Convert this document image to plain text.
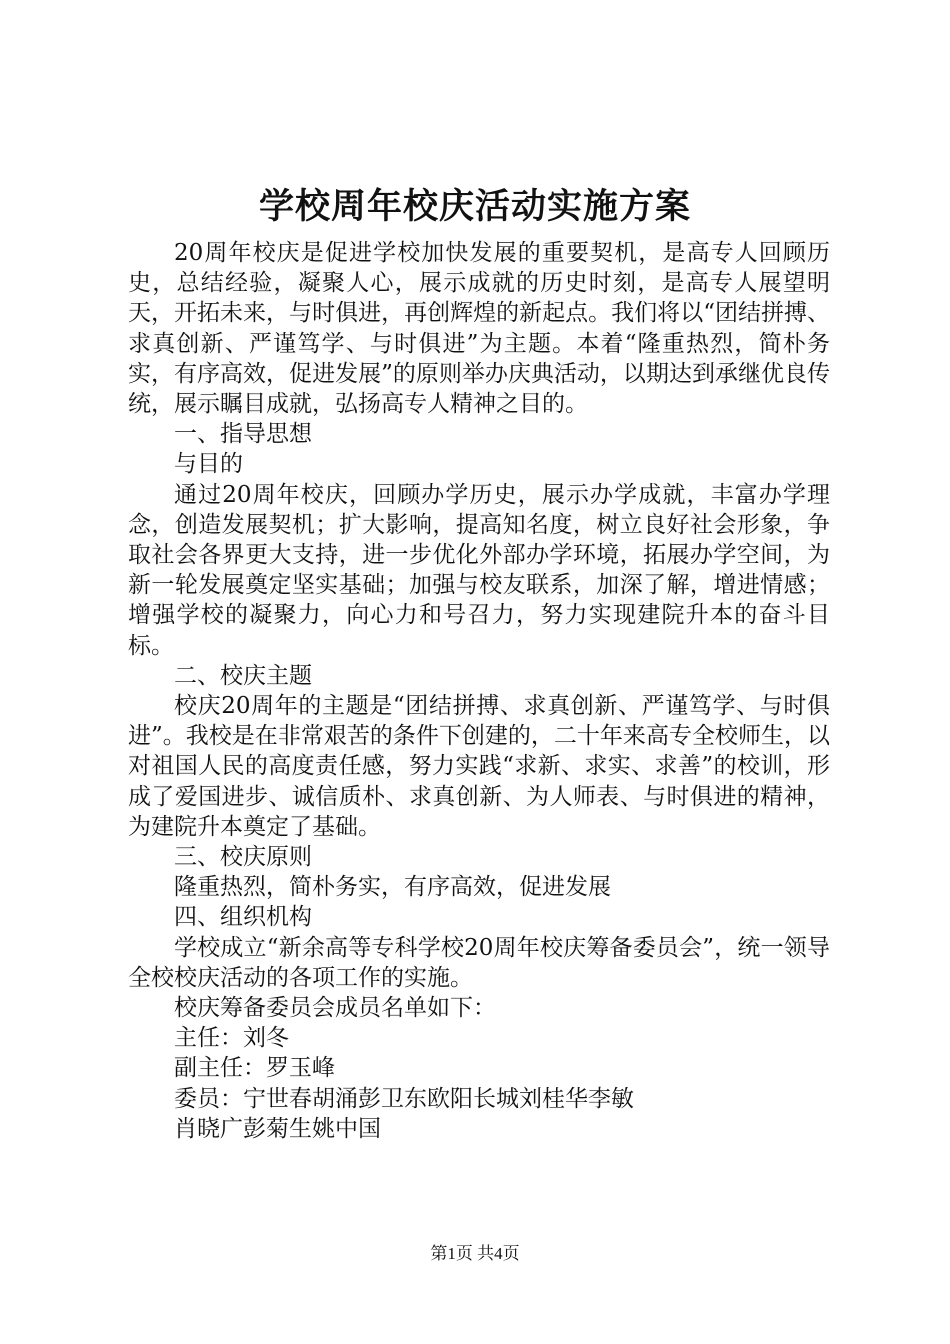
学校周年校庆活动实施方案

20周年校庆是促进学校加快发展的重要契机，是高专人回顾历史，总结经验，凝聚人心，展示成就的历史时刻，是高专人展望明天，开拓未来，与时俱进，再创辉煌的新起点。我们将以“团结拼搏、求真创新、严谨笃学、与时俱进”为主题。本着“隆重热烈，简朴务实，有序高效，促进发展”的原则举办庆典活动，以期达到承继优良传统，展示瞩目成就，弘扬高专人精神之目的。

一、指导思想

与目的

通过20周年校庆，回顾办学历史，展示办学成就，丰富办学理念，创造发展契机；扩大影响，提高知名度，树立良好社会形象，争取社会各界更大支持，进一步优化外部办学环境，拓展办学空间，为新一轮发展奠定坚实基础；加强与校友联系，加深了解，增进情感；增强学校的凝聚力，向心力和号召力，努力实现建院升本的奋斗目标。

二、校庆主题

校庆20周年的主题是“团结拼搏、求真创新、严谨笃学、与时俱进”。我校是在非常艰苦的条件下创建的，二十年来高专全校师生，以对祖国人民的高度责任感，努力实践“求新、求实、求善”的校训，形成了爱国进步、诚信质朴、求真创新、为人师表、与时俱进的精神，为建院升本奠定了基础。

三、校庆原则

隆重热烈，简朴务实，有序高效，促进发展

四、组织机构

学校成立“新余高等专科学校20周年校庆筹备委员会”，统一领导全校校庆活动的各项工作的实施。

校庆筹备委员会成员名单如下：

主任：刘冬

副主任：罗玉峰

委员：宁世春胡涌彭卫东欧阳长城刘桂华李敏

肖晓广彭菊生姚中国

第1页 共4页
